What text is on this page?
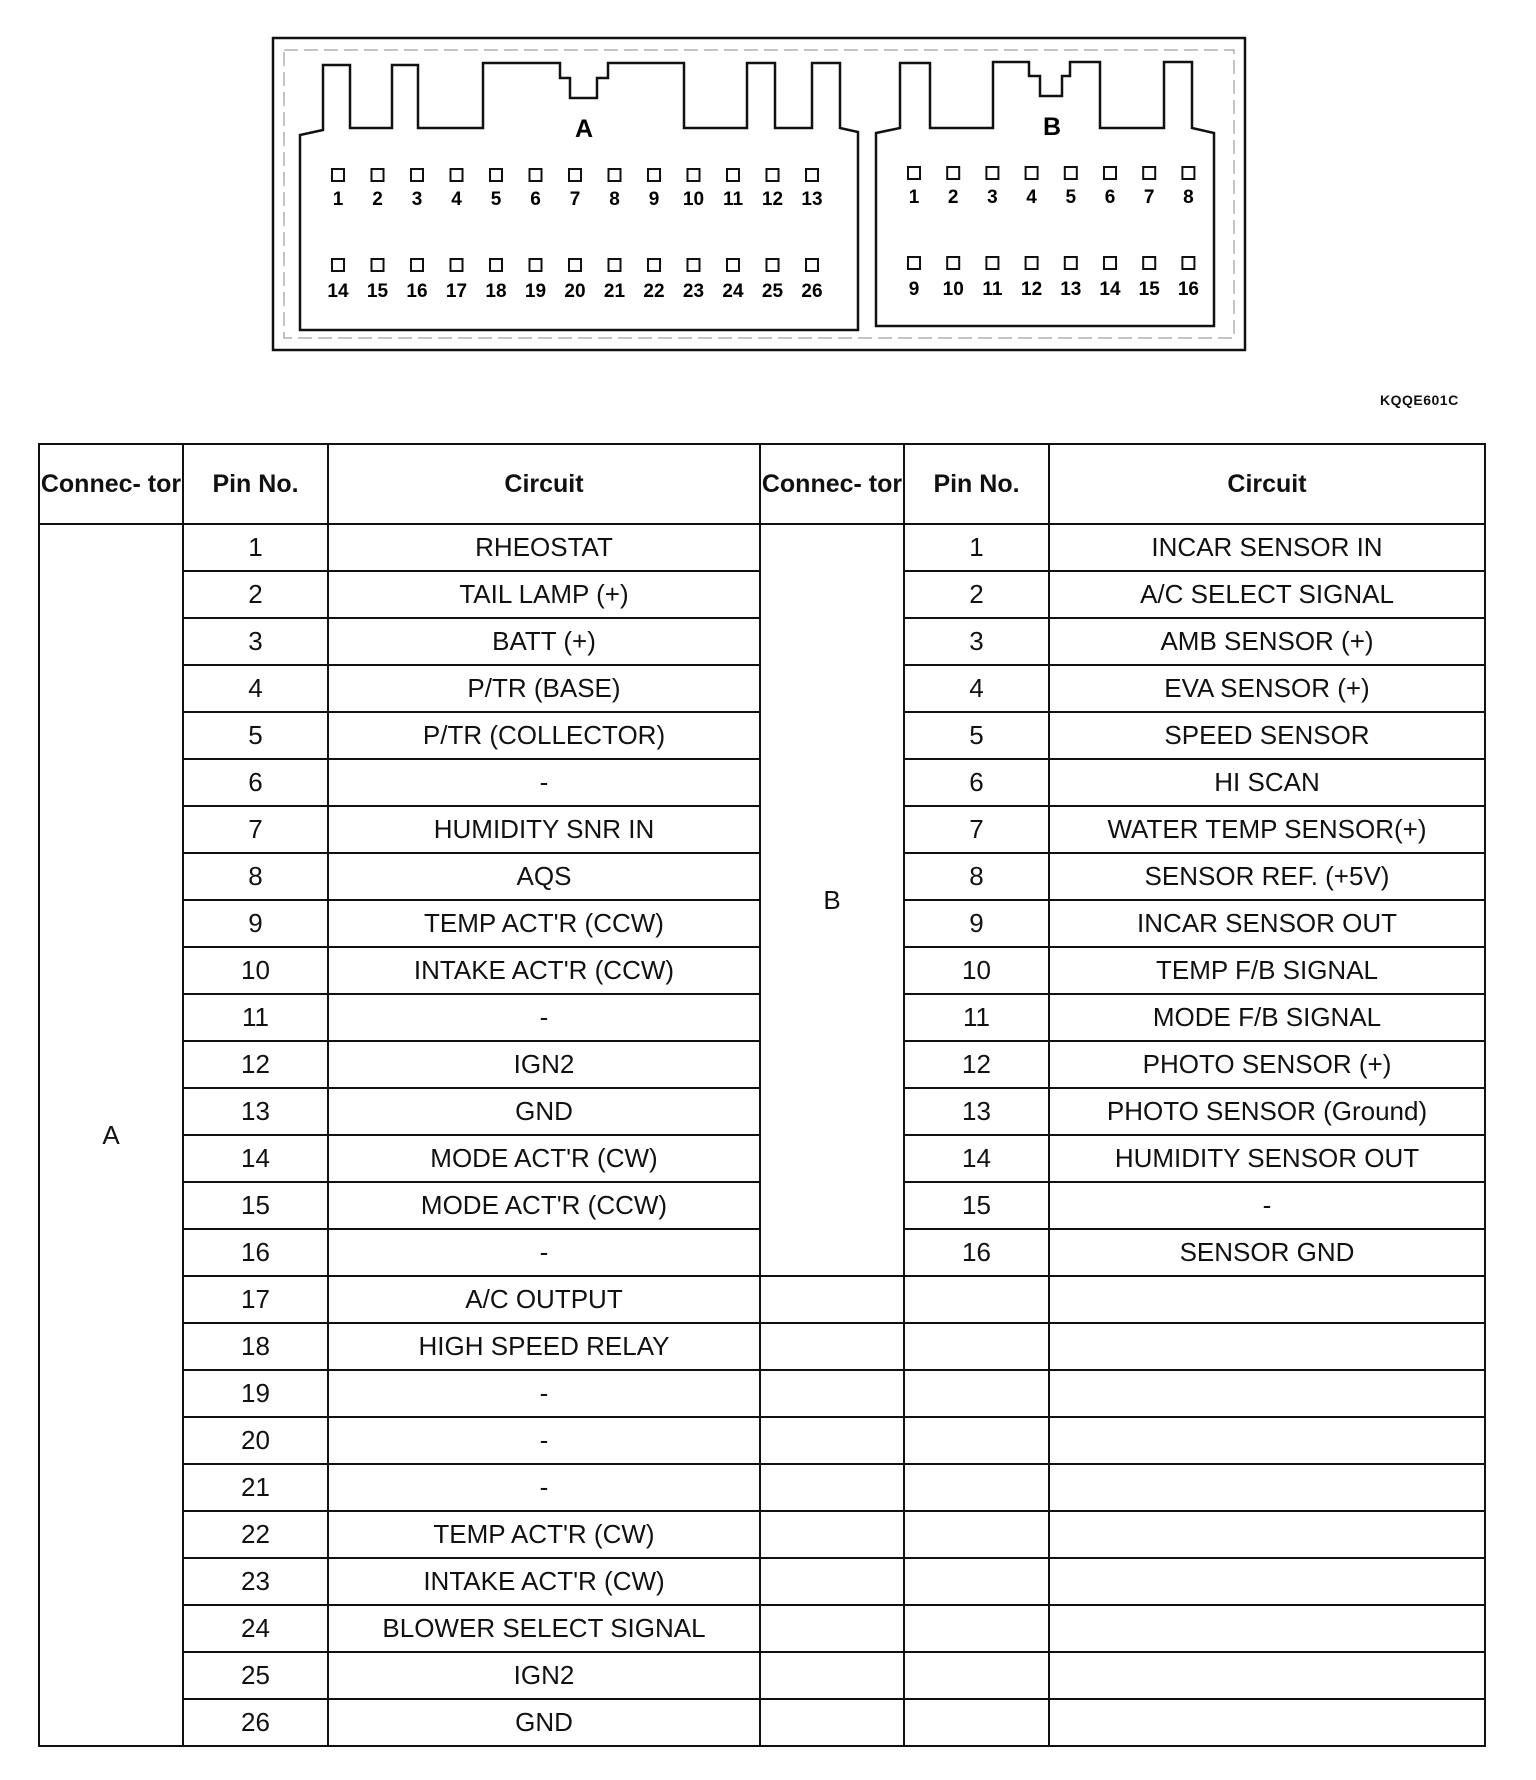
A	B
1 2 3 4 5 6 7 8 9 10 11 12 13
14 15 16 17 18 19 20 21 22 23 24 25 26
1 2 3 4 5 6 7 8
9 10 11 12 13 14 15 16
KQQE601C
Connec- tor	Pin No.	Circuit	Connec- tor	Pin No.	Circuit
A	1	RHEOSTAT	B	1	INCAR SENSOR IN
	2	TAIL LAMP (+)		2	A/C SELECT SIGNAL
	3	BATT (+)		3	AMB SENSOR (+)
	4	P/TR (BASE)		4	EVA SENSOR (+)
	5	P/TR (COLLECTOR)		5	SPEED SENSOR
	6	-		6	HI SCAN
	7	HUMIDITY SNR IN		7	WATER TEMP SENSOR(+)
	8	AQS		8	SENSOR REF. (+5V)
	9	TEMP ACT'R (CCW)		9	INCAR SENSOR OUT
	10	INTAKE ACT'R (CCW)		10	TEMP F/B SIGNAL
	11	-		11	MODE F/B SIGNAL
	12	IGN2		12	PHOTO SENSOR (+)
	13	GND		13	PHOTO SENSOR (Ground)
	14	MODE ACT'R (CW)		14	HUMIDITY SENSOR OUT
	15	MODE ACT'R (CCW)		15	-
	16	-		16	SENSOR GND
	17	A/C OUTPUT			
	18	HIGH SPEED RELAY			
	19	-			
	20	-			
	21	-			
	22	TEMP ACT'R (CW)			
	23	INTAKE ACT'R (CW)			
	24	BLOWER SELECT SIGNAL			
	25	IGN2			
	26	GND			
